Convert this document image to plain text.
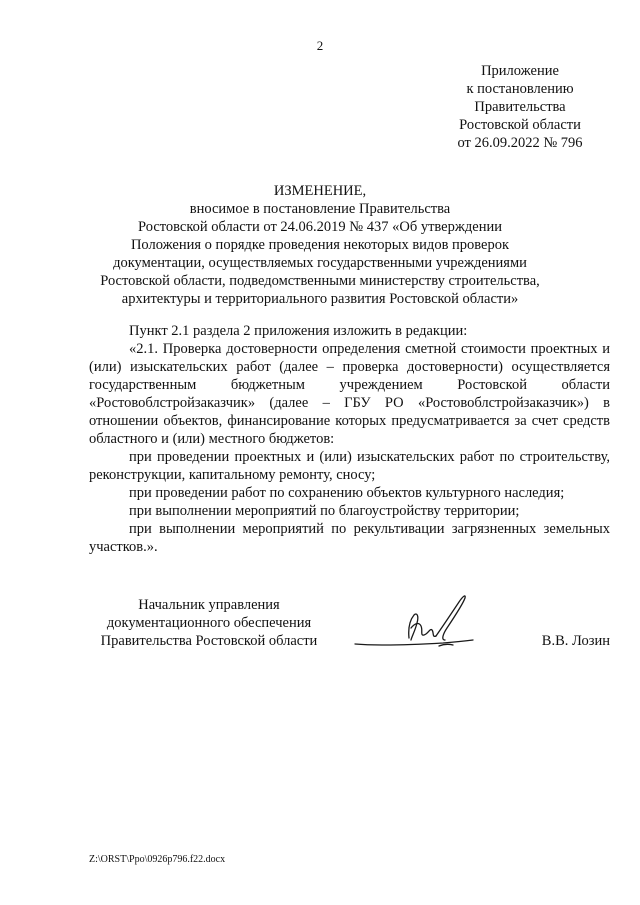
2
Приложение
к постановлению
Правительства
Ростовской области
от 26.09.2022 № 796
ИЗМЕНЕНИЕ,
вносимое в постановление Правительства
Ростовской области от 24.06.2019 № 437 «Об утверждении
Положения о порядке проведения некоторых видов проверок
документации, осуществляемых государственными учреждениями
Ростовской области, подведомственными министерству строительства,
архитектуры и территориального развития Ростовской области»

Пункт 2.1 раздела 2 приложения изложить в редакции:

«2.1. Проверка достоверности определения сметной стоимости проектных и (или) изыскательских работ (далее – проверка достоверности) осуществляется государственным бюджетным учреждением Ростовской области «Ростовоблстройзаказчик» (далее – ГБУ РО «Ростовоблстройзаказчик») в отношении объектов, финансирование которых предусматривается за счет средств областного и (или) местного бюджетов:

при проведении проектных и (или) изыскательских работ по строительству, реконструкции, капитальному ремонту, сносу;

при проведении работ по сохранению объектов культурного наследия;

при выполнении мероприятий по благоустройству территории;

при выполнении мероприятий по рекультивации загрязненных земельных участков.».

Начальник управления
документационного обеспечения
Правительства Ростовской области	В.В. Лозин
Z:\ORST\Ppo\0926p796.f22.docx
